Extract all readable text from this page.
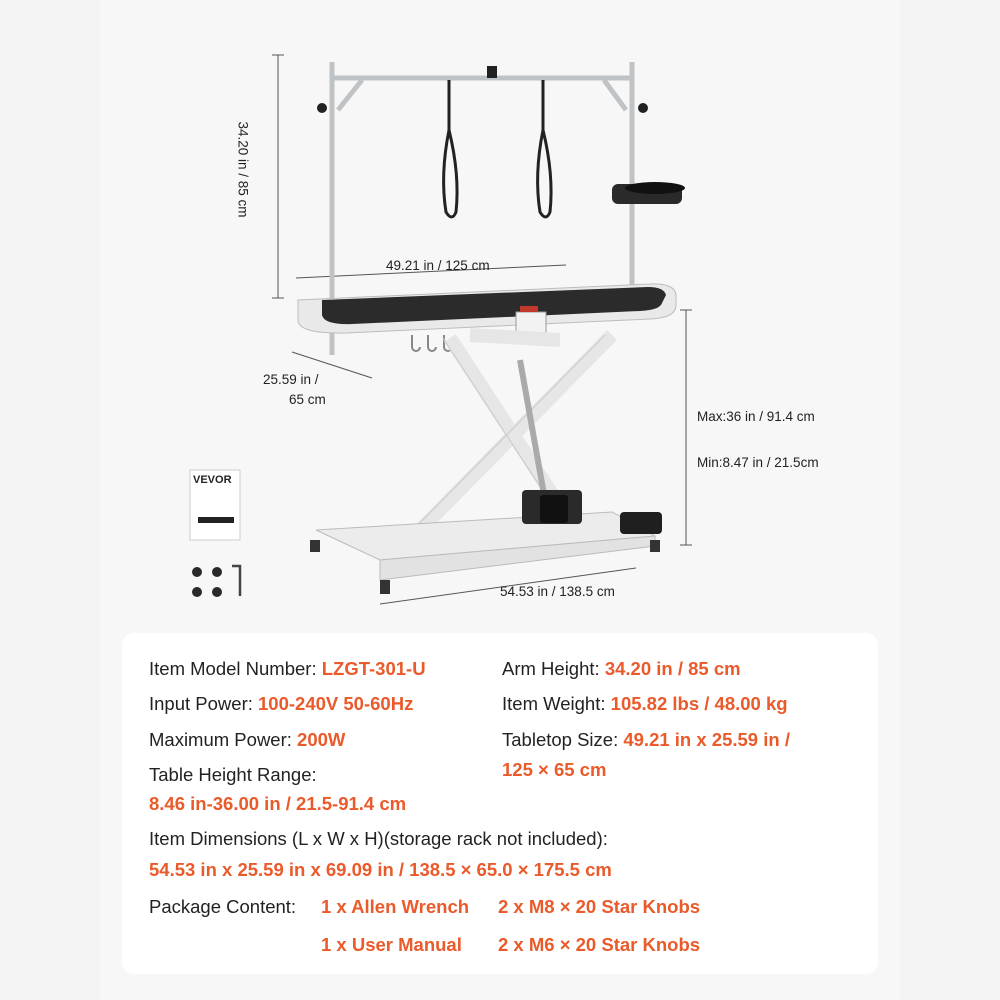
VEVOR
34.20 in / 85 cm
49.21 in / 125 cm
25.59 in /
65 cm
Max:36 in / 91.4 cm
Min:8.47 in / 21.5cm
54.53 in / 138.5 cm
Item Model Number: LZGT-301-U
Input Power: 100-240V 50-60Hz
Maximum Power: 200W
Table Height Range:
8.46 in-36.00 in / 21.5-91.4 cm
Arm Height: 34.20 in / 85 cm
Item Weight: 105.82 lbs / 48.00 kg
Tabletop Size: 49.21 in x 25.59 in /
125 × 65 cm
Item Dimensions (L x W x H)(storage rack not included):
54.53 in x 25.59 in x 69.09 in / 138.5 × 65.0 × 175.5 cm
Package Content: 1 x Allen Wrench 2 x M8 × 20 Star Knobs
1 x User Manual 2 x M6 × 20 Star Knobs
